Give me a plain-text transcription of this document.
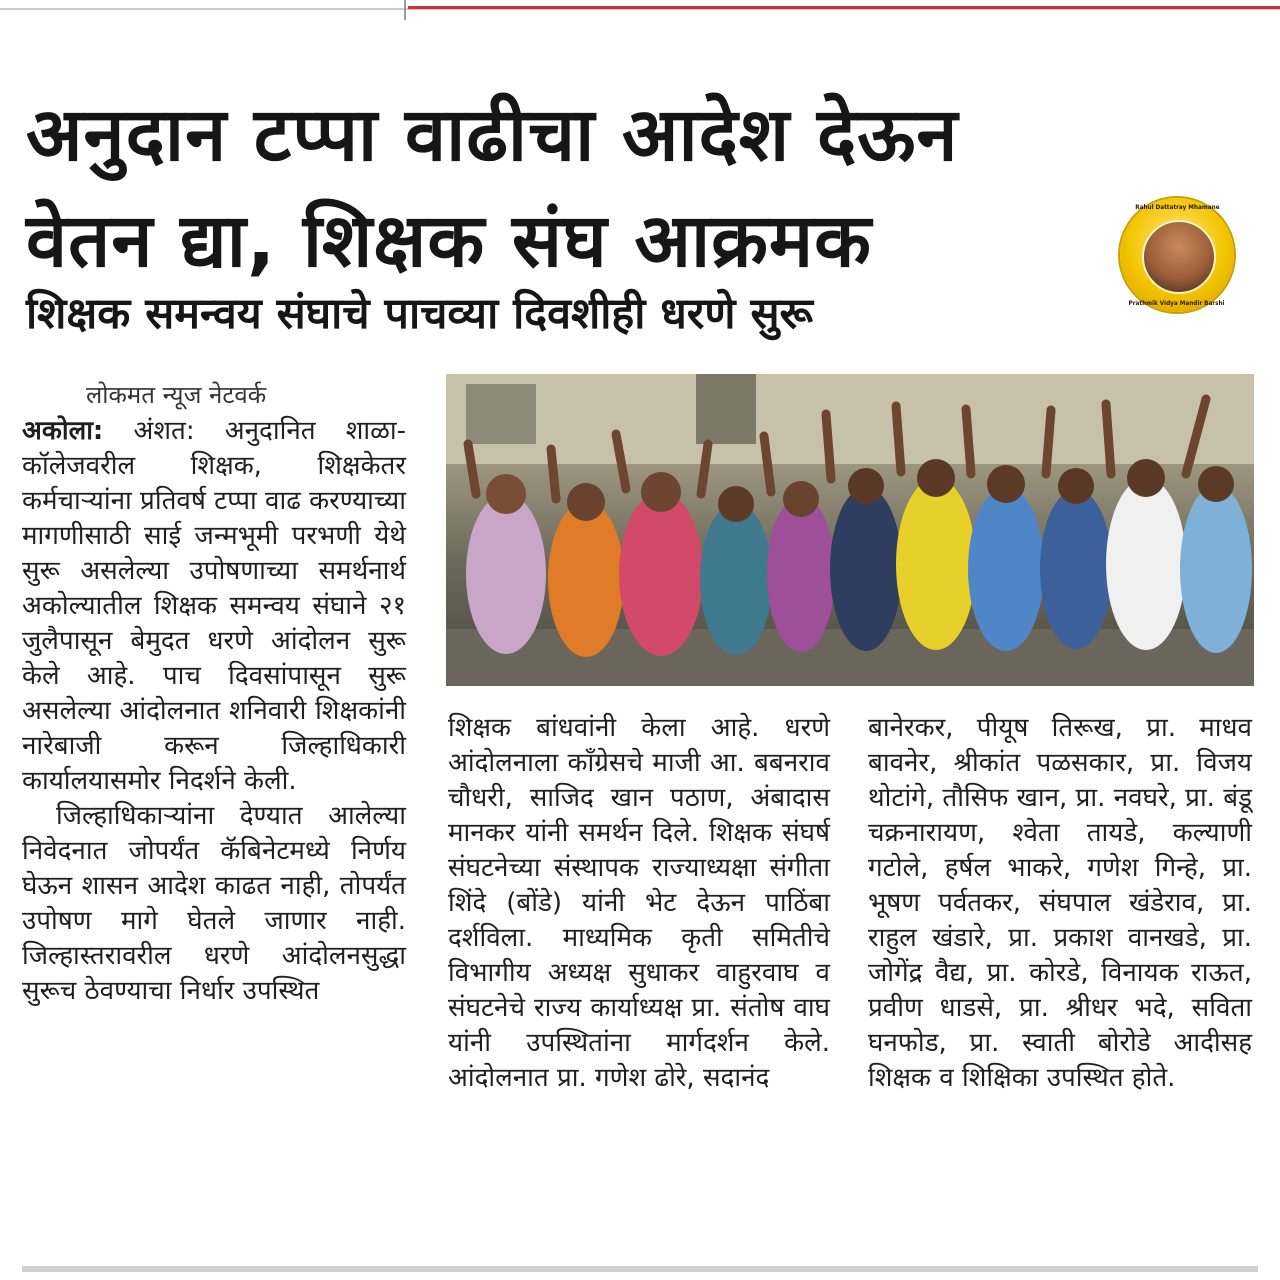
अनुदान टप्पा वाढीचा आदेश देऊन
वेतन द्या, शिक्षक संघ आक्रमक	Rahul Dattatray Mhamane
Prathmik Vidya Mandir Barshi
शिक्षक समन्वय संघाचे पाचव्या दिवशीही धरणे सुरू
लोकमत न्यूज नेटवर्क

अकोला: अंशत: अनुदानित शाळा-कॉलेजवरील शिक्षक, शिक्षकेतर कर्मचाऱ्यांना प्रतिवर्ष टप्पा वाढ करण्याच्या मागणीसाठी साई जन्मभूमी परभणी येथे सुरू असलेल्या उपोषणाच्या समर्थनार्थ अकोल्यातील शिक्षक समन्वय संघाने २१ जुलैपासून बेमुदत धरणे आंदोलन सुरू केले आहे. पाच दिवसांपासून सुरू असलेल्या आंदोलनात शनिवारी शिक्षकांनी नारेबाजी करून जिल्हाधिकारी कार्यालयासमोर निदर्शने केली.

जिल्हाधिकाऱ्यांना देण्यात आलेल्या निवेदनात जोपर्यंत कॅबिनेटमध्ये निर्णय घेऊन शासन आदेश काढत नाही, तोपर्यंत उपोषण मागे घेतले जाणार नाही. जिल्हास्तरावरील धरणे आंदोलनसुद्धा सुरूच ठेवण्याचा निर्धार उपस्थित

शिक्षक बांधवांनी केला आहे. धरणे आंदोलनाला काँग्रेसचे माजी आ. बबनराव चौधरी, साजिद खान पठाण, अंबादास मानकर यांनी समर्थन दिले. शिक्षक संघर्ष संघटनेच्या संस्थापक राज्याध्यक्षा संगीता शिंदे (बोंडे) यांनी भेट देऊन पाठिंबा दर्शविला. माध्यमिक कृती समितीचे विभागीय अध्यक्ष सुधाकर वाहुरवाघ व संघटनेचे राज्य कार्याध्यक्ष प्रा. संतोष वाघ यांनी उपस्थितांना मार्गदर्शन केले. आंदोलनात प्रा. गणेश ढोरे, सदानंद

बानेरकर, पीयूष तिरूख, प्रा. माधव बावनेर, श्रीकांत पळसकार, प्रा. विजय थोटांगे, तौसिफ खान, प्रा. नवघरे, प्रा. बंडू चक्रनारायण, श्वेता तायडे, कल्याणी गटोले, हर्षल भाकरे, गणेश गिन्हे, प्रा. भूषण पर्वतकर, संघपाल खंडेराव, प्रा. राहुल खंडारे, प्रा. प्रकाश वानखडे, प्रा. जोगेंद्र वैद्य, प्रा. कोरडे, विनायक राऊत, प्रवीण धाडसे, प्रा. श्रीधर भदे, सविता घनफोड, प्रा. स्वाती बोरोडे आदीसह शिक्षक व शिक्षिका उपस्थित होते.
